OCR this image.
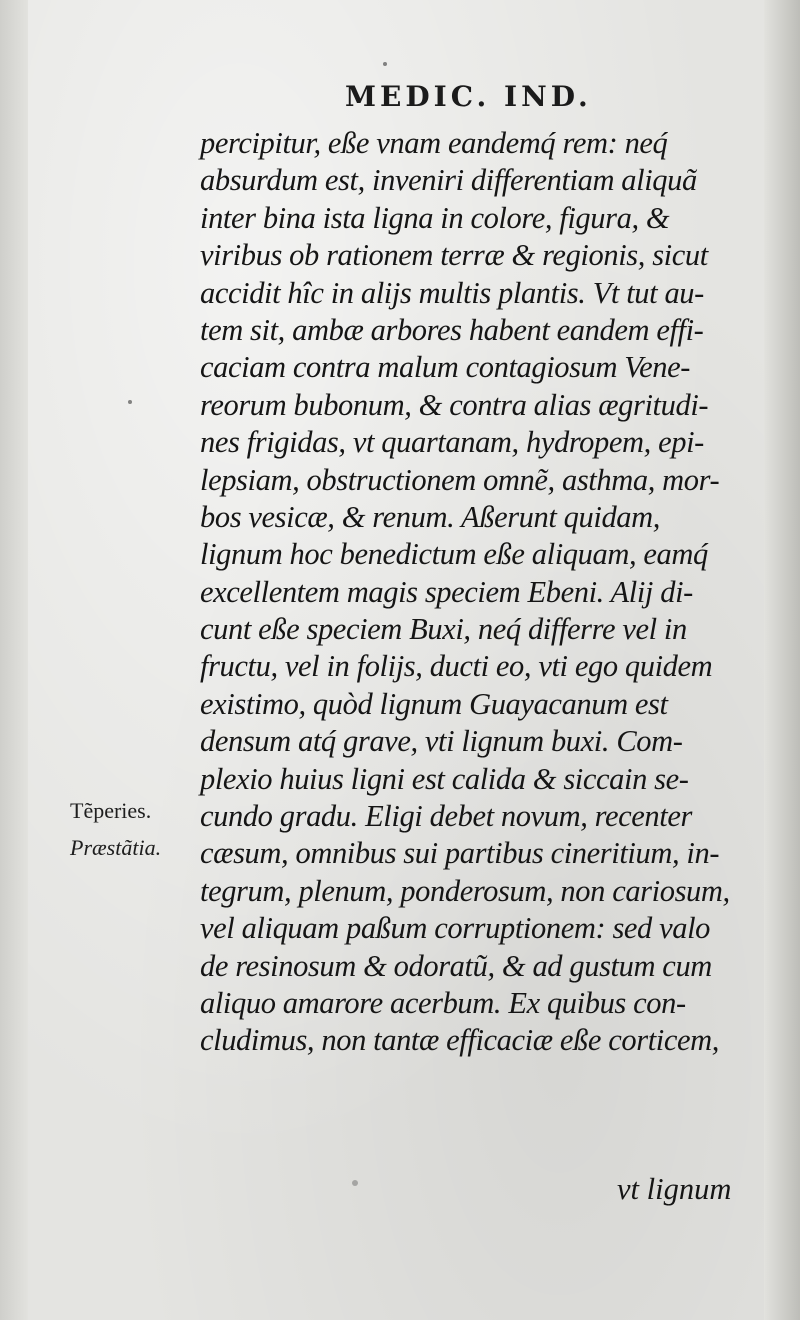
MEDIC. IND.
Tẽperies.
Præstãtia.
percipitur, eße vnam eandemq́ rem: neq́
absurdum est, inveniri differentiam aliquã
inter bina ista ligna in colore, figura, &
viribus ob rationem terræ & regionis, sicut
accidit hîc in alijs multis plantis. Vt tut au-
tem sit, ambæ arbores habent eandem effi-
caciam contra malum contagiosum Vene-
reorum bubonum, & contra alias ægritudi-
nes frigidas, vt quartanam, hydropem, epi-
lepsiam, obstructionem omnẽ, asthma, mor-
bos vesicæ, & renum. Aßerunt quidam,
lignum hoc benedictum eße aliquam, eamq́
excellentem magis speciem Ebeni. Alij di-
cunt eße speciem Buxi, neq́ differre vel in
fructu, vel in folijs, ducti eo, vti ego quidem
existimo, quòd lignum Guayacanum est
densum atq́ grave, vti lignum buxi. Com-
plexio huius ligni est calida & siccain se-
cundo gradu. Eligi debet novum, recenter
cæsum, omnibus sui partibus cineritium, in-
tegrum, plenum, ponderosum, non cariosum,
vel aliquam paßum corruptionem: sed valo
de resinosum & odoratũ, & ad gustum cum
aliquo amarore acerbum. Ex quibus con-
cludimus, non tantæ efficaciæ eße corticem,
vt lignum
